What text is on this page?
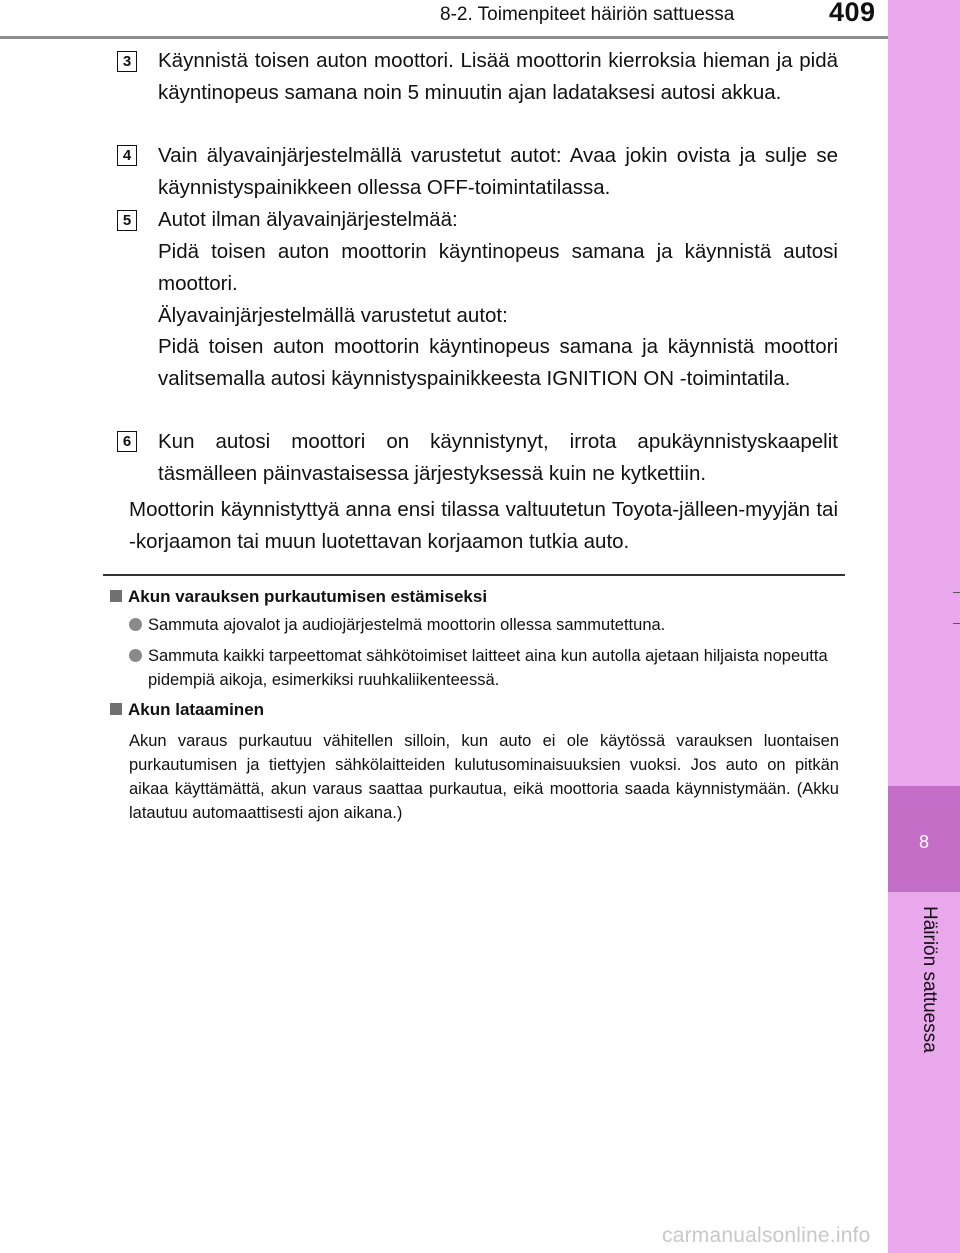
8-2. Toimenpiteet häiriön sattuessa	409
8
Häiriön sattuessa
3 Käynnistä toisen auton moottori. Lisää moottorin kierroksia hieman ja pidä käyntinopeus samana noin 5 minuutin ajan ladataksesi autosi akkua.
4 Vain älyavainjärjestelmällä varustetut autot: Avaa jokin ovista ja sulje se käynnistyspainikkeen ollessa OFF-toimintatilassa.
5 Autot ilman älyavainjärjestelmää:
Pidä toisen auton moottorin käyntinopeus samana ja käynnistä autosi moottori.
Älyavainjärjestelmällä varustetut autot:
Pidä toisen auton moottorin käyntinopeus samana ja käynnistä moottori valitsemalla autosi käynnistyspainikkeesta IGNITION ON -toimintatila.
6 Kun autosi moottori on käynnistynyt, irrota apukäynnistyskaapelit täsmälleen päinvastaisessa järjestyksessä kuin ne kytkettiin.
Moottorin käynnistyttyä anna ensi tilassa valtuutetun Toyota-jälleen-myyjän tai -korjaamon tai muun luotettavan korjaamon tutkia auto.
Akun varauksen purkautumisen estämiseksi
Sammuta ajovalot ja audiojärjestelmä moottorin ollessa sammutettuna.
Sammuta kaikki tarpeettomat sähkötoimiset laitteet aina kun autolla ajetaan hiljaista nopeutta pidempiä aikoja, esimerkiksi ruuhkaliikenteessä.
Akun lataaminen
Akun varaus purkautuu vähitellen silloin, kun auto ei ole käytössä varauksen luontaisen purkautumisen ja tiettyjen sähkölaitteiden kulutusominaisuuksien vuoksi. Jos auto on pitkän aikaa käyttämättä, akun varaus saattaa purkautua, eikä moottoria saada käynnistymään. (Akku latautuu automaattisesti ajon aikana.)
carmanualsonline.info
